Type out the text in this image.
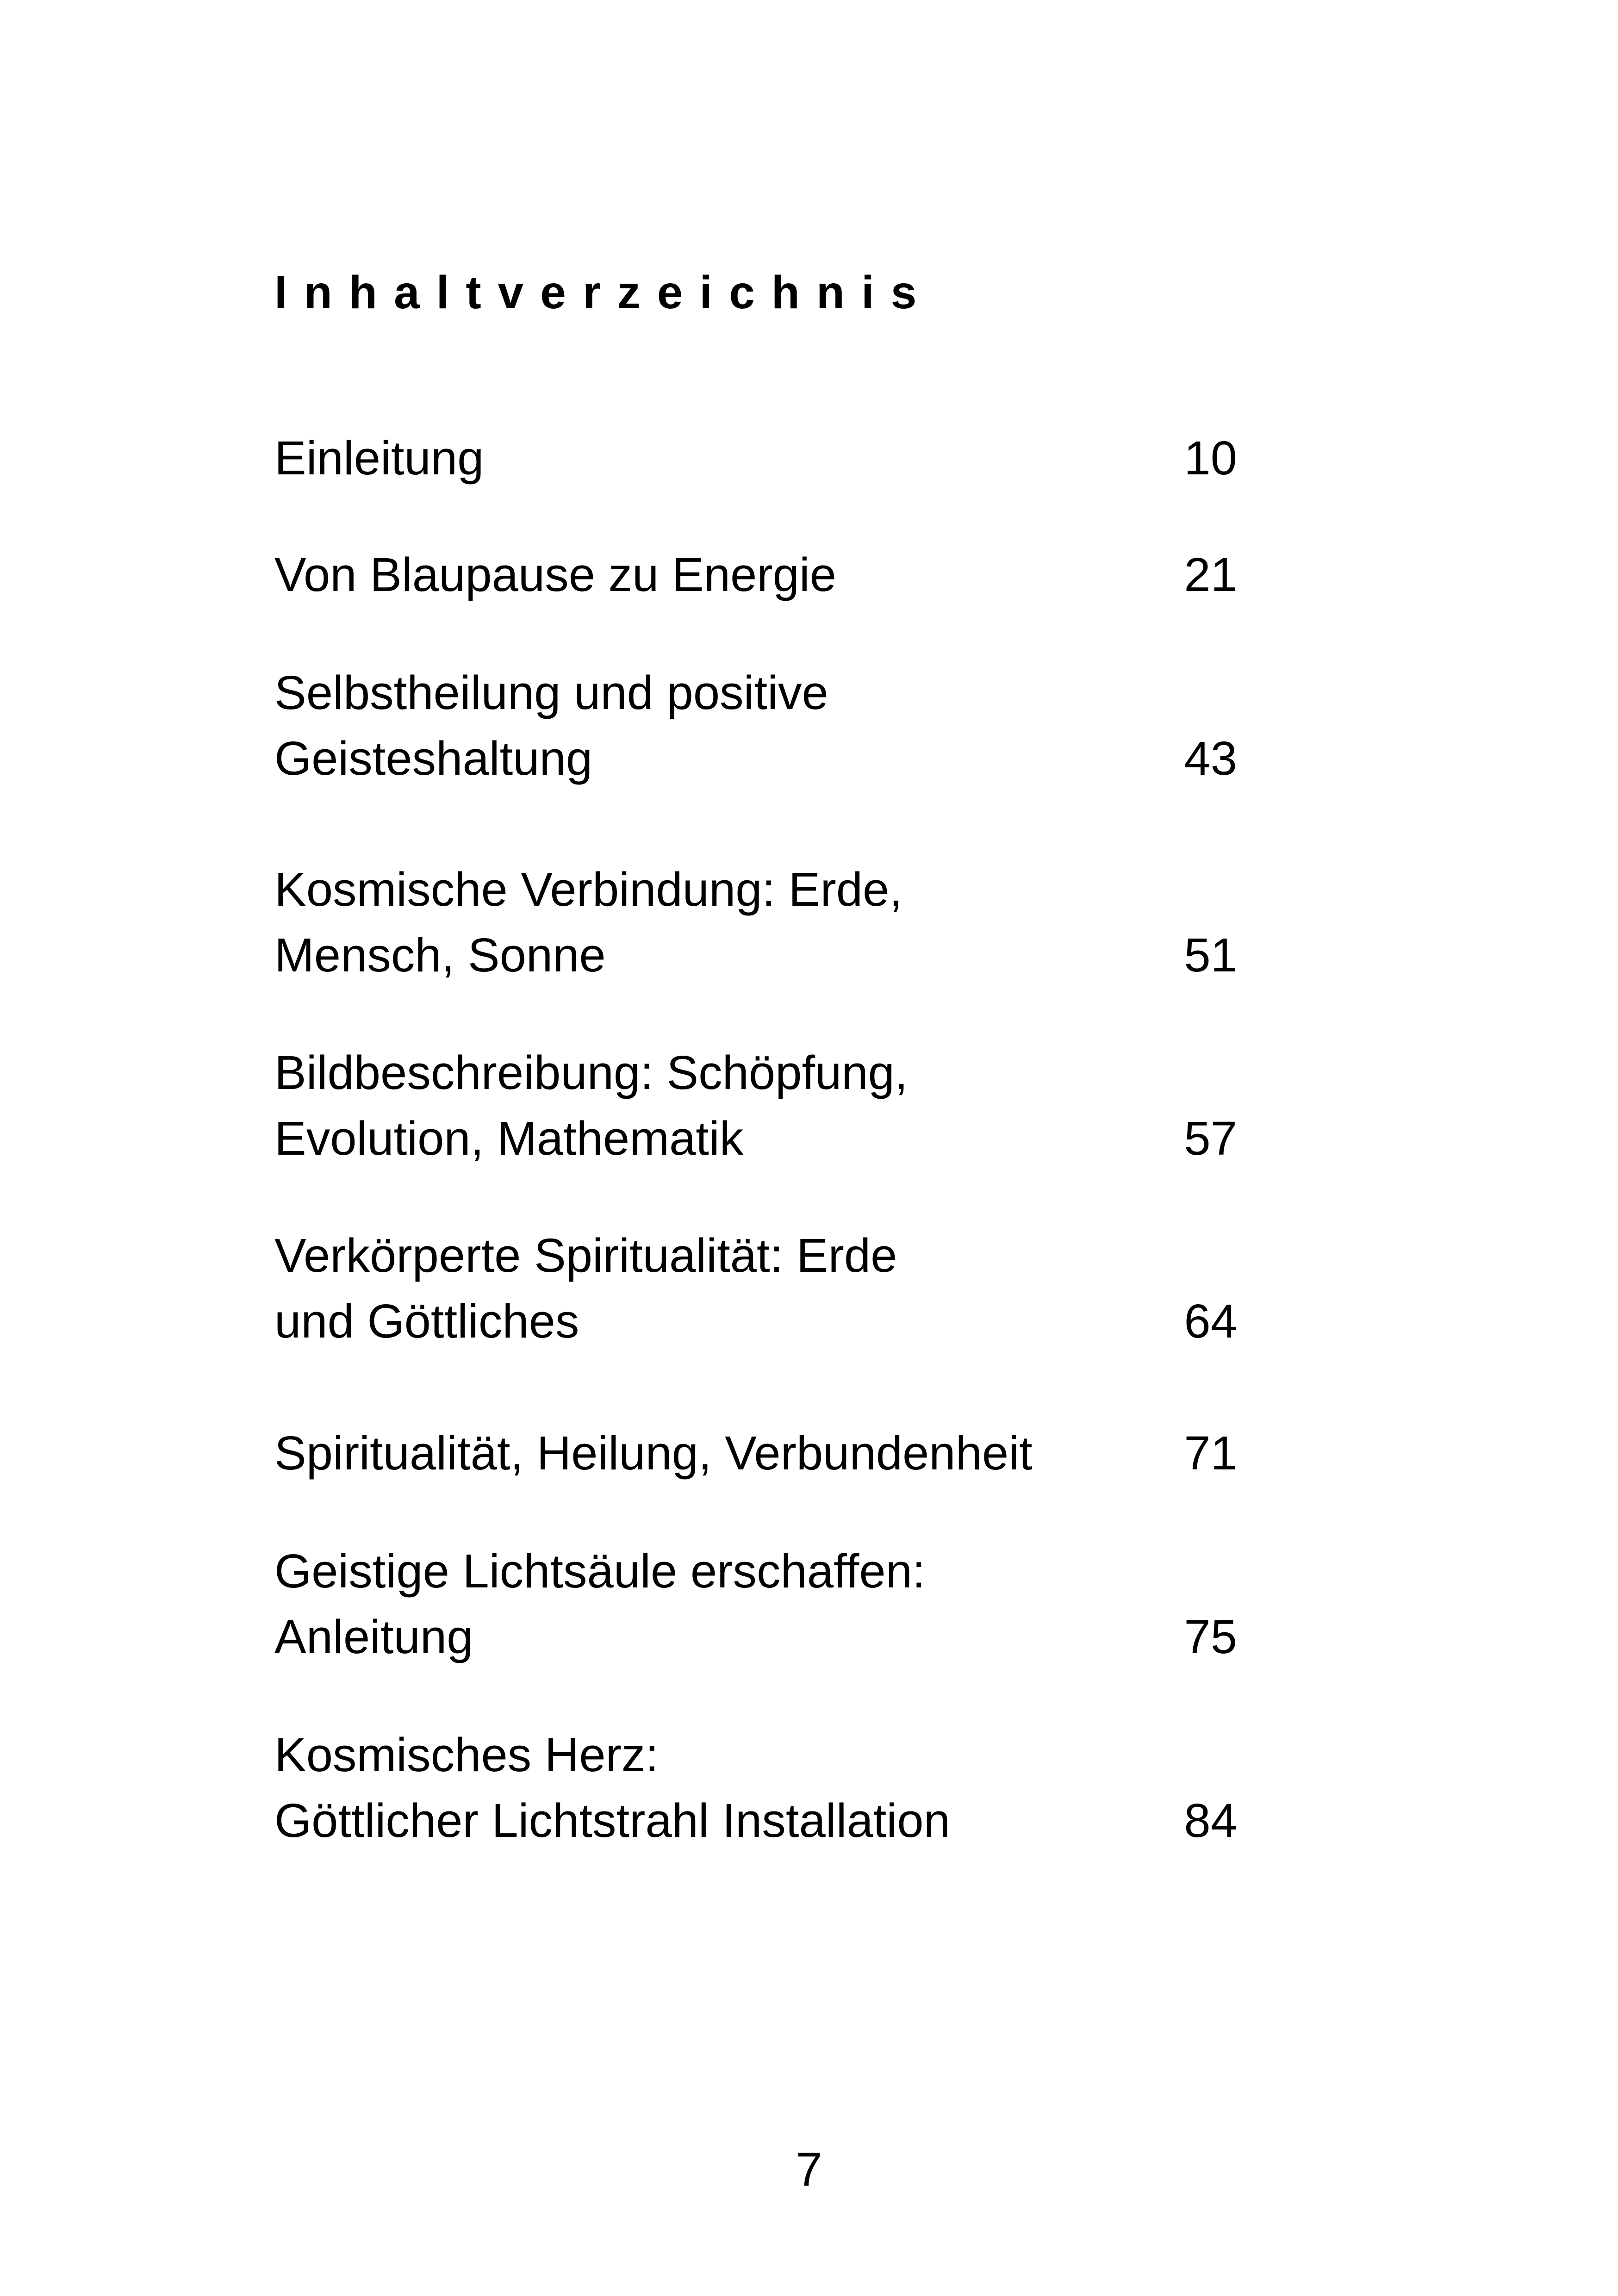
Inhaltverzeichnis
Einleitung	10
Von Blaupause zu Energie	21
Selbstheilung und positive
Geisteshaltung	43
Kosmische Verbindung: Erde,
Mensch, Sonne	51
Bildbeschreibung: Schöpfung,
Evolution, Mathematik	57
Verkörperte Spiritualität: Erde
und Göttliches	64
Spiritualität, Heilung, Verbundenheit	71
Geistige Lichtsäule erschaffen:
Anleitung	75
Kosmisches Herz:
Göttlicher Lichtstrahl Installation	84
7
